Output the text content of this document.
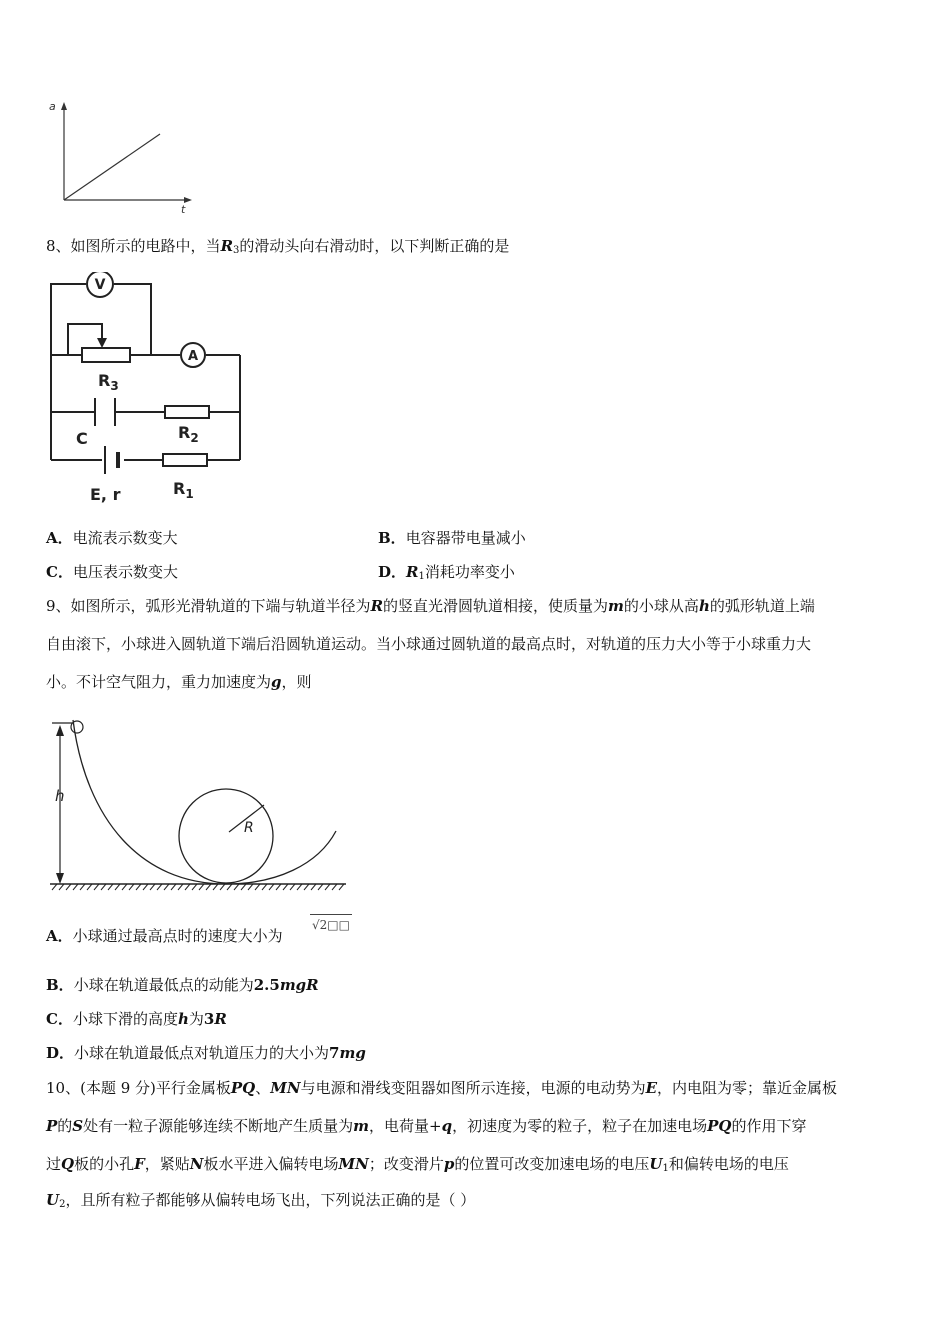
a
t
8、如图所示的电路中，当$R_3$的滑动头向右滑动时，以下判断正确的是
V
A
$R_3$
C	$R_2$
E, r	$R_1$
A．电流表示数变大	B．电容器带电量减小
C．电压表示数变大	D．$R_1$消耗功率变小
9、如图所示，弧形光滑轨道的下端与轨道半径为R的竖直光滑圆轨道相接，使质量为m的小球从高h的弧形轨道上端
自由滚下，小球进入圆轨道下端后沿圆轨道运动。当小球通过圆轨道的最高点时，对轨道的压力大小等于小球重力大
小。不计空气阻力，重力加速度为g，则
h
R
A．小球通过最高点时的速度大小为
√2□□
B．小球在轨道最低点的动能为2.5mgR
C．小球下滑的高度h为3R
D．小球在轨道最低点对轨道压力的大小为7mg
10、(本题 9 分)平行金属板PQ、MN与电源和滑线变阻器如图所示连接，电源的电动势为E，内电阻为零；靠近金属板
P的S处有一粒子源能够连续不断地产生质量为m，电荷量+q，初速度为零的粒子，粒子在加速电场PQ的作用下穿
过Q板的小孔F，紧贴N板水平进入偏转电场MN；改变滑片p的位置可改变加速电场的电压$U_1$和偏转电场的电压
$U_2$，且所有粒子都能够从偏转电场飞出，下列说法正确的是（ ）
